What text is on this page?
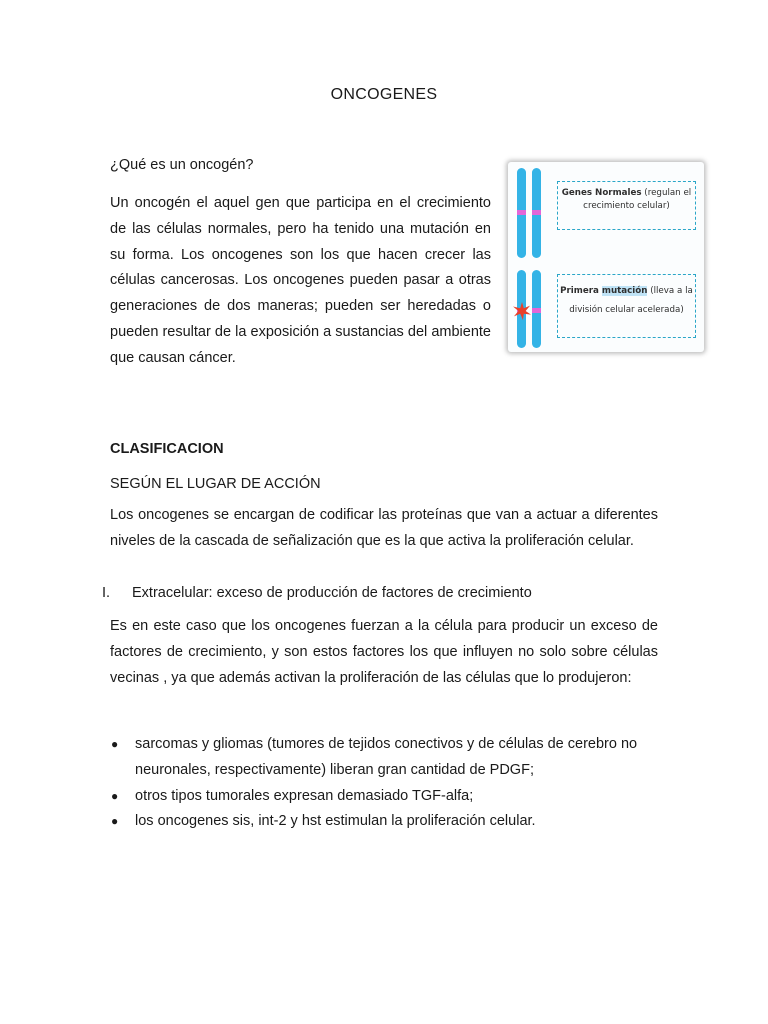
ONCOGENES
¿Qué es un oncogén?

Un oncogén el aquel gen que participa en el crecimiento de las células normales, pero ha tenido una mutación en su forma. Los oncogenes son los que hacen crecer las células cancerosas. Los oncogenes pueden pasar a otras generaciones de dos maneras; pueden ser heredadas o pueden resultar de la exposición a sustancias del ambiente que causan cáncer.

Genes Normales (regulan el
crecimiento celular)
Primera mutación (lleva a la
división celular acelerada)
CLASIFICACION
SEGÚN EL LUGAR DE ACCIÓN

Los oncogenes se encargan de codificar las proteínas que van a actuar a diferentes niveles de la cascada de señalización que es la que activa la proliferación celular.

I. Extracelular: exceso de producción de factores de crecimiento

Es en este caso que los oncogenes fuerzan a la célula para producir un exceso de factores de crecimiento, y son estos factores los que influyen no solo sobre células vecinas , ya que además activan la proliferación de las células que lo produjeron:

● sarcomas y gliomas (tumores de tejidos conectivos y de células de cerebro no neuronales, respectivamente) liberan gran cantidad de PDGF;
● otros tipos tumorales expresan demasiado TGF-alfa;
● los oncogenes sis, int-2 y hst estimulan la proliferación celular.
